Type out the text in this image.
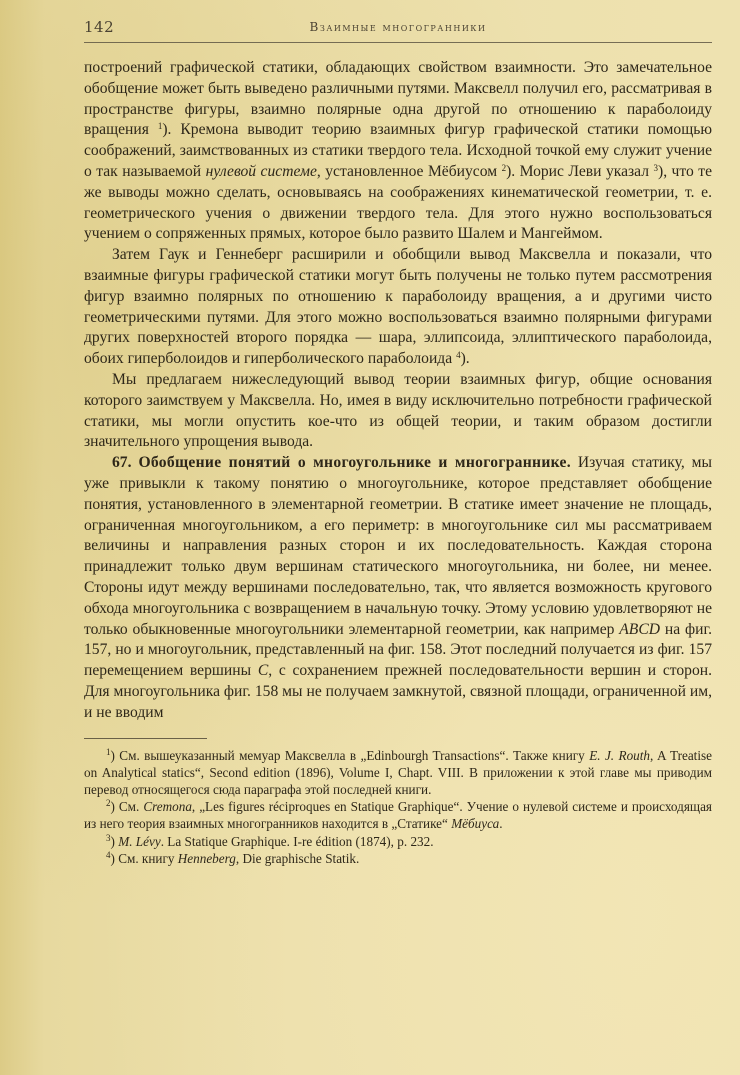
142	Взаимные многогранники

построений графической статики, обладающих свойством взаимности. Это замечательное обобщение может быть выведено различными путями. Максвелл получил его, рассматривая в пространстве фигуры, взаимно полярные одна другой по отношению к параболоиду вращения $^1$). Кремона выводит теорию взаимных фигур графической статики помощью соображений, заимствованных из статики твердого тела. Исходной точкой ему служит учение о так называемой нулевой системе, установленное Мёбиусом $^2$). Морис Леви указал $^3$), что те же выводы можно сделать, основываясь на соображениях кинематической геометрии, т. е. геометрического учения о движении твердого тела. Для этого нужно воспользоваться учением о сопряженных прямых, которое было развито Шалем и Мангеймом.

Затем Гаук и Геннеберг расширили и обобщили вывод Максвелла и показали, что взаимные фигуры графической статики могут быть получены не только путем рассмотрения фигур взаимно полярных по отношению к параболоиду вращения, а и другими чисто геометрическими путями. Для этого можно воспользоваться взаимно полярными фигурами других поверхностей второго порядка — шара, эллипсоида, эллиптического параболоида, обоих гиперболоидов и гиперболического параболоида $^4$).

Мы предлагаем нижеследующий вывод теории взаимных фигур, общие основания которого заимствуем у Максвелла. Но, имея в виду исключительно потребности графической статики, мы могли опустить кое-что из общей теории, и таким образом достигли значительного упрощения вывода.

67. Обобщение понятий о многоугольнике и многограннике. Изучая статику, мы уже привыкли к такому понятию о многоугольнике, которое представляет обобщение понятия, установленного в элементарной геометрии. В статике имеет значение не площадь, ограниченная многоугольником, а его периметр: в многоугольнике сил мы рассматриваем величины и направления разных сторон и их последовательность. Каждая сторона принадлежит только двум вершинам статического многоугольника, ни более, ни менее. Стороны идут между вершинами последовательно, так, что является возможность кругового обхода многоугольника с возвращением в начальную точку. Этому условию удовлетворяют не только обыкновенные многоугольники элементарной геометрии, как например ABCD на фиг. 157, но и многоугольник, представленный на фиг. 158. Этот последний получается из фиг. 157 перемещением вершины C, с сохранением прежней последовательности вершин и сторон. Для многоугольника фиг. 158 мы не получаем замкнутой, связной площади, ограниченной им, и не вводим

$^1$) См. вышеуказанный мемуар Максвелла в „Edinbourgh Transactions“. Также книгу E. J. Routh, A Treatise on Analytical statics“, Second edition (1896), Volume I, Chapt. VIII. В приложении к этой главе мы приводим перевод относящегося сюда параграфа этой последней книги.

$^2$) См. Cremona, „Les figures réciproques en Statique Graphique“. Учение о нулевой системе и происходящая из него теория взаимных многогранников находится в „Статике“ Мёбиуса.

$^3$) M. Lévy. La Statique Graphique. I-re édition (1874), p. 232.

$^4$) См. книгу Henneberg, Die graphische Statik.
